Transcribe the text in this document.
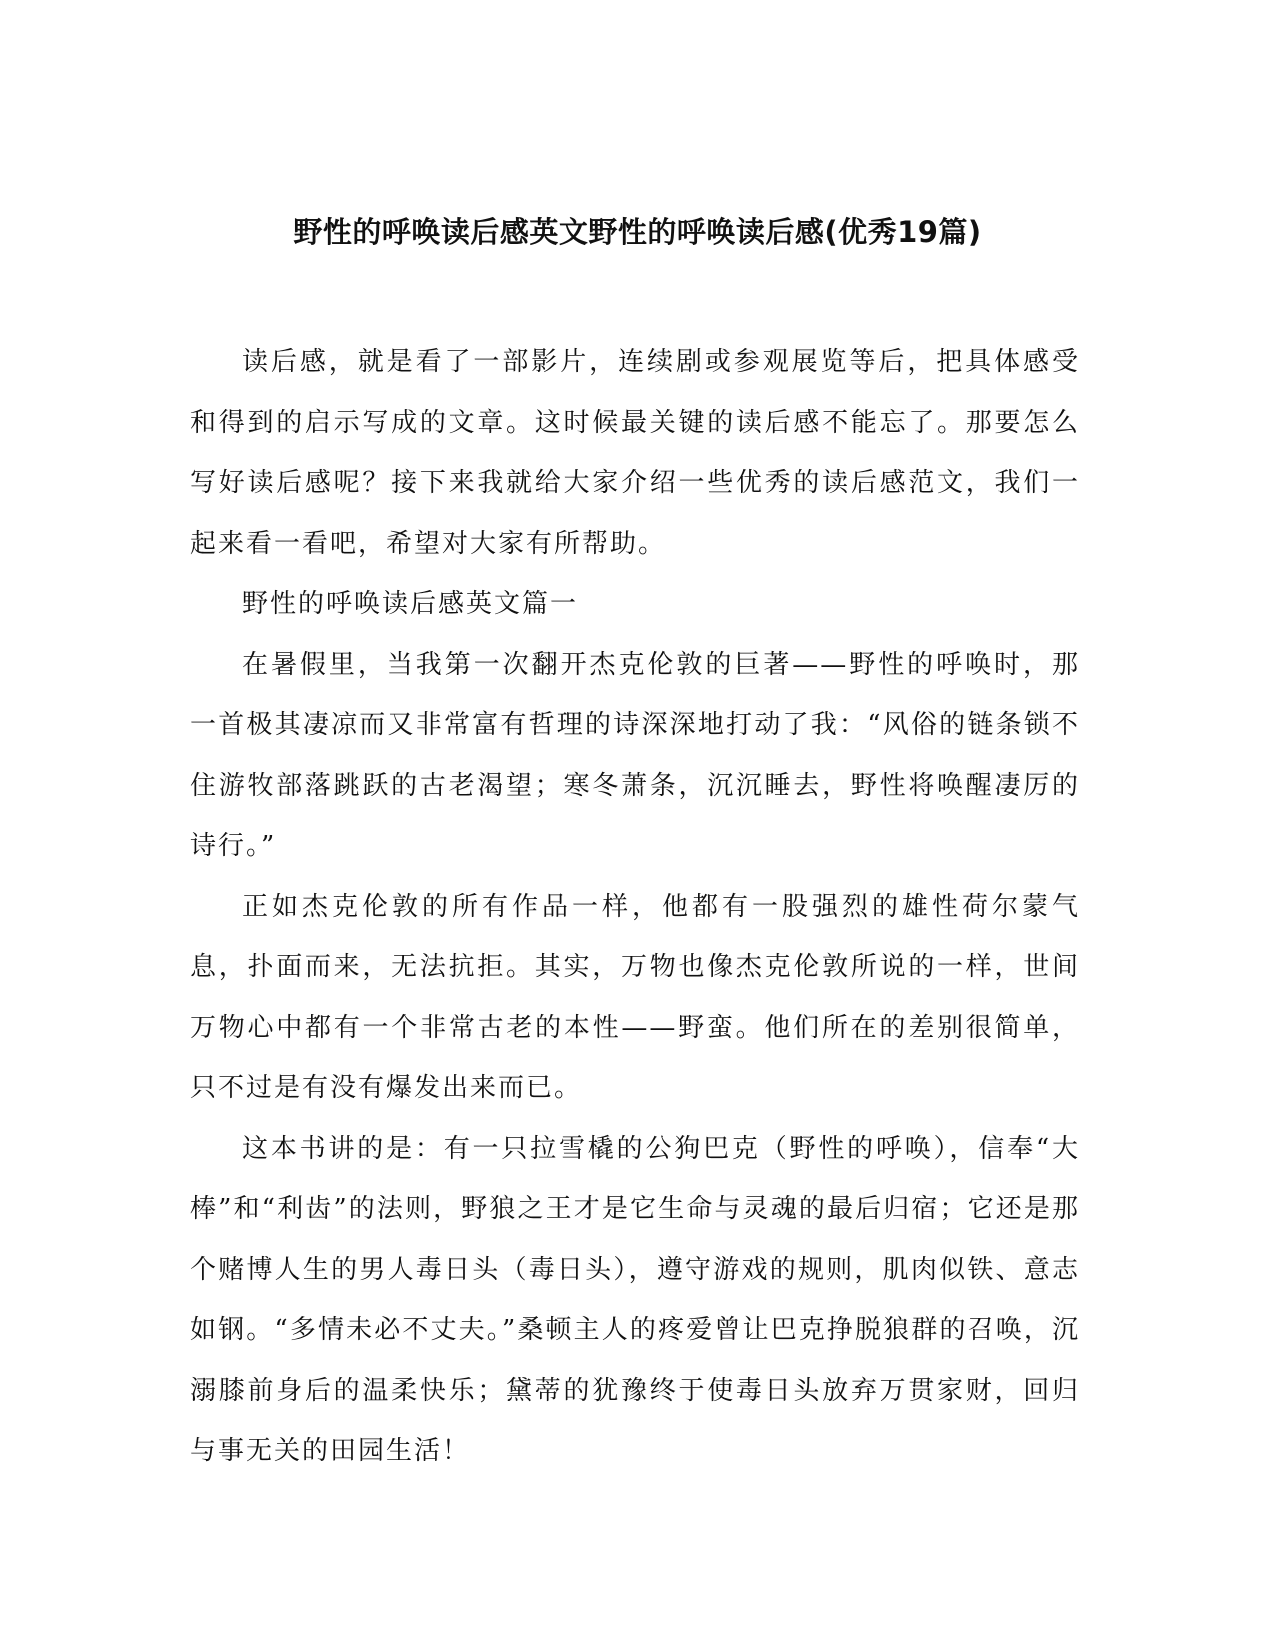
野性的呼唤读后感英文野性的呼唤读后感(优秀19篇)

读后感，就是看了一部影片，连续剧或参观展览等后，把具体感受和得到的启示写成的文章。这时候最关键的读后感不能忘了。那要怎么写好读后感呢？接下来我就给大家介绍一些优秀的读后感范文，我们一起来看一看吧，希望对大家有所帮助。

野性的呼唤读后感英文篇一

在暑假里，当我第一次翻开杰克伦敦的巨著——野性的呼唤时，那一首极其凄凉而又非常富有哲理的诗深深地打动了我：“风俗的链条锁不住游牧部落跳跃的古老渴望；寒冬萧条，沉沉睡去，野性将唤醒凄厉的诗行。”

正如杰克伦敦的所有作品一样，他都有一股强烈的雄性荷尔蒙气息，扑面而来，无法抗拒。其实，万物也像杰克伦敦所说的一样，世间万物心中都有一个非常古老的本性——野蛮。他们所在的差别很简单，只不过是有没有爆发出来而已。

这本书讲的是：有一只拉雪橇的公狗巴克（野性的呼唤），信奉“大棒”和“利齿”的法则，野狼之王才是它生命与灵魂的最后归宿；它还是那个赌博人生的男人毒日头（毒日头），遵守游戏的规则，肌肉似铁、意志如钢。“多情未必不丈夫。”桑顿主人的疼爱曾让巴克挣脱狼群的召唤，沉溺膝前身后的温柔快乐；黛蒂的犹豫终于使毒日头放弃万贯家财，回归与事无关的田园生活！
